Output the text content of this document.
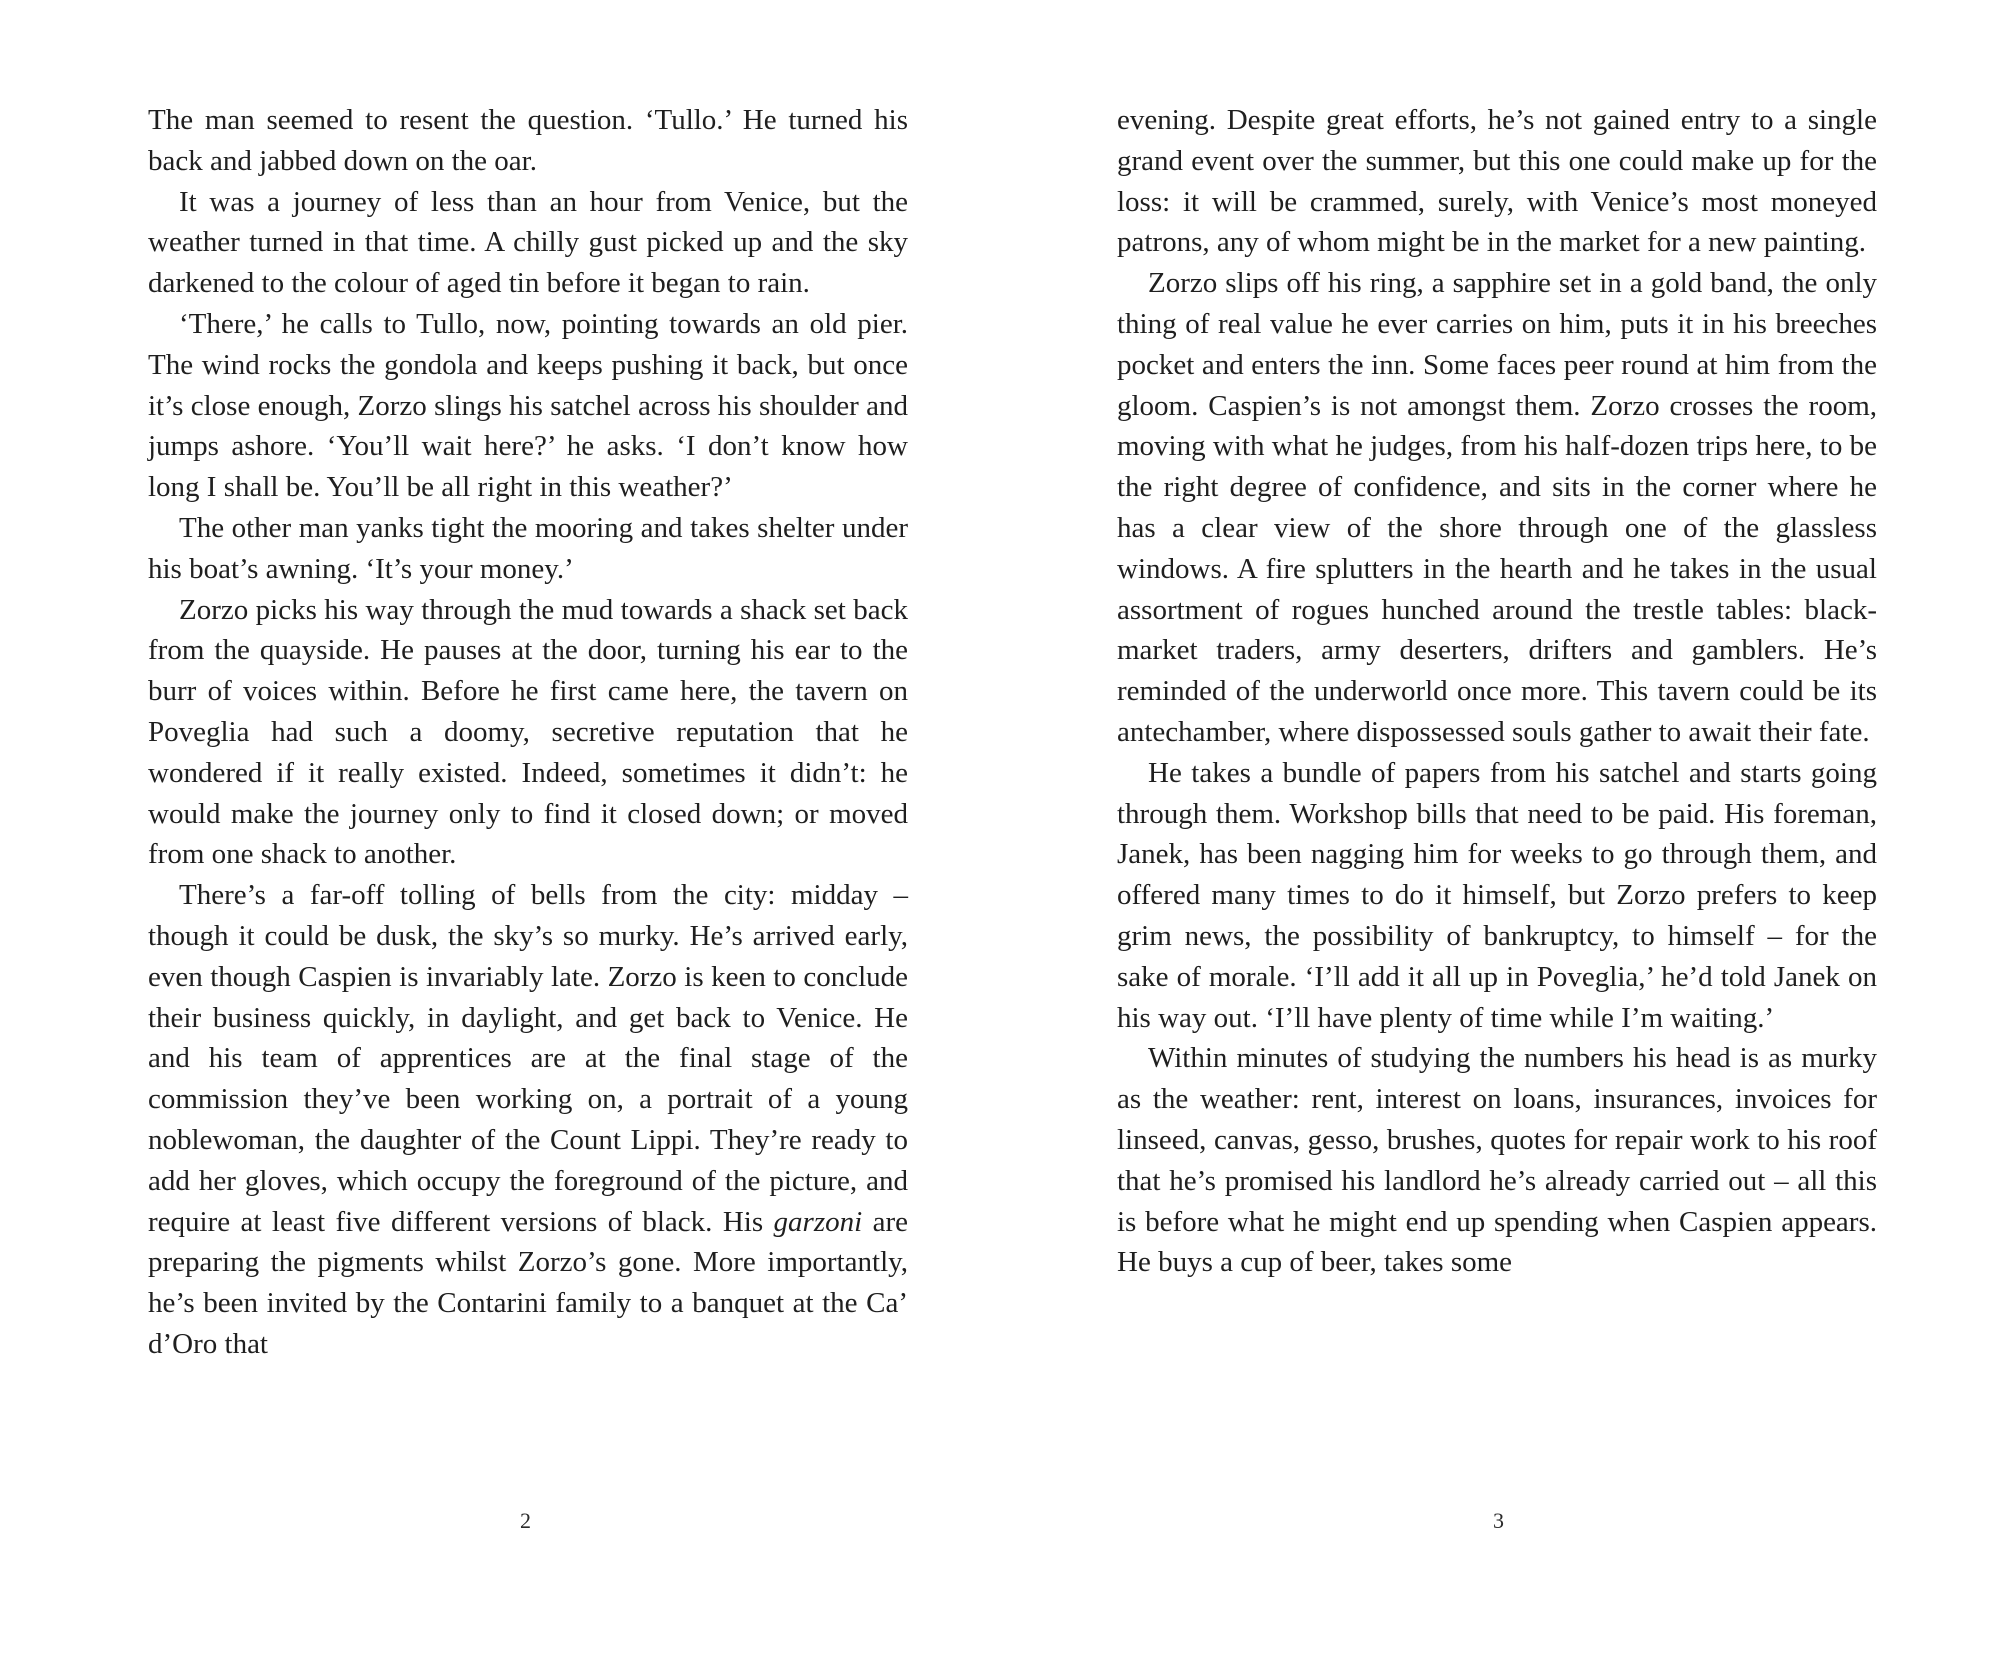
The man seemed to resent the question. ‘Tullo.’ He turned his back and jabbed down on the oar.

It was a journey of less than an hour from Venice, but the weather turned in that time. A chilly gust picked up and the sky darkened to the colour of aged tin before it began to rain.

‘There,’ he calls to Tullo, now, pointing towards an old pier. The wind rocks the gondola and keeps pushing it back, but once it’s close enough, Zorzo slings his satchel across his shoulder and jumps ashore. ‘You’ll wait here?’ he asks. ‘I don’t know how long I shall be. You’ll be all right in this weather?’

The other man yanks tight the mooring and takes shelter under his boat’s awning. ‘It’s your money.’

Zorzo picks his way through the mud towards a shack set back from the quayside. He pauses at the door, turning his ear to the burr of voices within. Before he first came here, the tavern on Poveglia had such a doomy, secretive reputation that he wondered if it really existed. Indeed, sometimes it didn’t: he would make the journey only to find it closed down; or moved from one shack to another.

There’s a far-off tolling of bells from the city: midday – though it could be dusk, the sky’s so murky. He’s arrived early, even though Caspien is invariably late. Zorzo is keen to conclude their business quickly, in daylight, and get back to Venice. He and his team of apprentices are at the final stage of the commission they’ve been working on, a portrait of a young noblewoman, the daughter of the Count Lippi. They’re ready to add her gloves, which occupy the foreground of the picture, and require at least five different versions of black. His garzoni are preparing the pigments whilst Zorzo’s gone. More importantly, he’s been invited by the Contarini family to a banquet at the Ca’ d’Oro that

2

evening. Despite great efforts, he’s not gained entry to a single grand event over the summer, but this one could make up for the loss: it will be crammed, surely, with Venice’s most moneyed patrons, any of whom might be in the market for a new painting.

Zorzo slips off his ring, a sapphire set in a gold band, the only thing of real value he ever carries on him, puts it in his breeches pocket and enters the inn. Some faces peer round at him from the gloom. Caspien’s is not amongst them. Zorzo crosses the room, moving with what he judges, from his half-dozen trips here, to be the right degree of confidence, and sits in the corner where he has a clear view of the shore through one of the glassless windows. A fire splutters in the hearth and he takes in the usual assortment of rogues hunched around the trestle tables: black-market traders, army deserters, drifters and gamblers. He’s reminded of the underworld once more. This tavern could be its antechamber, where dispossessed souls gather to await their fate.

He takes a bundle of papers from his satchel and starts going through them. Workshop bills that need to be paid. His foreman, Janek, has been nagging him for weeks to go through them, and offered many times to do it himself, but Zorzo prefers to keep grim news, the possibility of bankruptcy, to himself – for the sake of morale. ‘I’ll add it all up in Poveglia,’ he’d told Janek on his way out. ‘I’ll have plenty of time while I’m waiting.’

Within minutes of studying the numbers his head is as murky as the weather: rent, interest on loans, insurances, invoices for linseed, canvas, gesso, brushes, quotes for repair work to his roof that he’s promised his landlord he’s already carried out – all this is before what he might end up spending when Caspien appears. He buys a cup of beer, takes some

3
